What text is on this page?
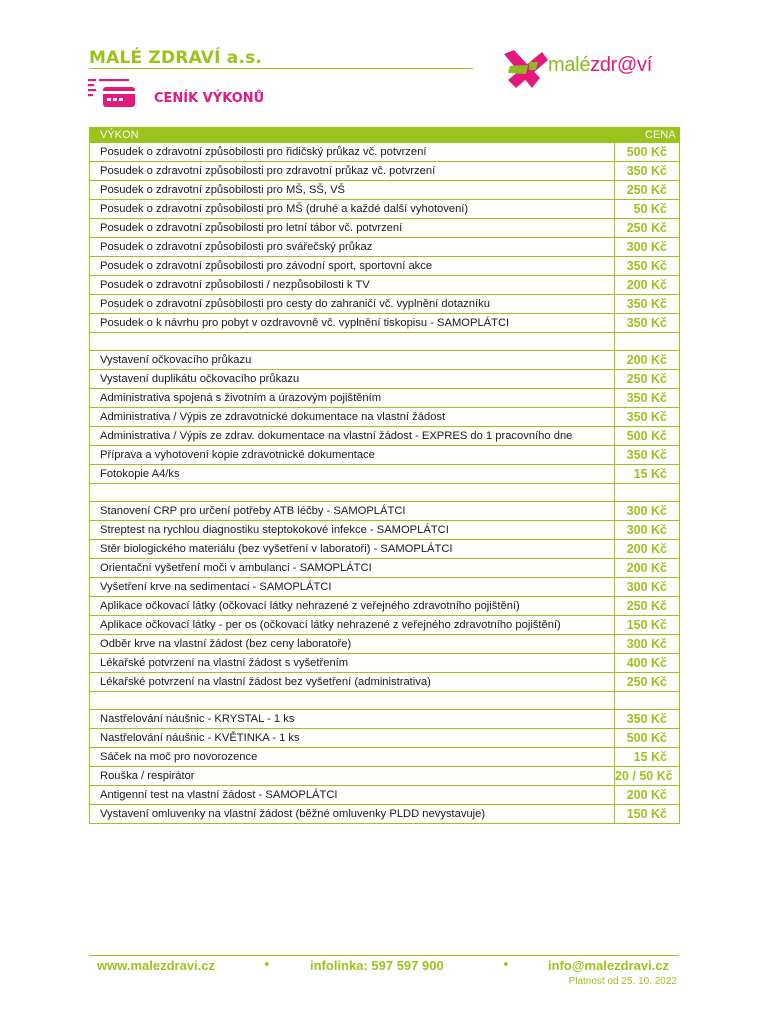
MALÉ ZDRAVÍ a.s.	malézdr@ví
CENÍK VÝKONŮ
VÝKON	CENA
Posudek o zdravotní způsobilosti pro řidičský průkaz vč. potvrzení	500 Kč
Posudek o zdravotní způsobilosti pro zdravotní průkaz vč. potvrzení	350 Kč
Posudek o zdravotní způsobilosti pro MŠ, SŠ, VŠ	250 Kč
Posudek o zdravotní způsobilosti pro MŠ (druhé a každé další vyhotovení)	50 Kč
Posudek o zdravotní způsobilosti pro letní tábor vč. potvrzení	250 Kč
Posudek o zdravotní způsobilosti pro svářečský průkaz	300 Kč
Posudek o zdravotní způsobilosti pro závodní sport, sportovní akce	350 Kč
Posudek o zdravotní způsobilosti / nezpůsobilosti k TV	200 Kč
Posudek o zdravotní způsobilosti pro cesty do zahraničí vč. vyplnění dotazníku	350 Kč
Posudek o k návrhu pro pobyt v ozdravovně vč. vyplnění tiskopisu - SAMOPLÁTCI	350 Kč

Vystavení očkovacího průkazu	200 Kč
Vystavení duplikátu očkovacího průkazu	250 Kč
Administrativa spojená s životním a úrazovým pojištěním	350 Kč
Administrativa / Výpis ze zdravotnické dokumentace na vlastní žádost	350 Kč
Administrativa / Výpis ze zdrav. dokumentace na vlastní žádost - EXPRES do 1 pracovního dne	500 Kč
Příprava a vyhotovení kopie zdravotnické dokumentace	350 Kč
Fotokopie A4/ks	15 Kč

Stanovení CRP pro určení potřeby ATB léčby - SAMOPLÁTCI	300 Kč
Streptest na rychlou diagnostiku steptokokové infekce - SAMOPLÁTCI	300 Kč
Stěr biologického materiálu (bez vyšetření v laboratoři) - SAMOPLÁTCI	200 Kč
Orientační vyšetření moči v ambulanci - SAMOPLÁTCI	200 Kč
Vyšetření krve na sedimentaci - SAMOPLÁTCI	300 Kč
Aplikace očkovací látky (očkovací látky nehrazené z veřejného zdravotního pojištění)	250 Kč
Aplikace očkovací látky - per os (očkovací látky nehrazené z veřejného zdravotního pojištění)	150 Kč
Odběr krve na vlastní žádost (bez ceny laboratoře)	300 Kč
Lékařské potvrzení na vlastní žádost s vyšetřením	400 Kč
Lékařské potvrzení na vlastní žádost bez vyšetření (administrativa)	250 Kč

Nastřelování náušnic - KRYSTAL - 1 ks	350 Kč
Nastřelování náušnic - KVĚTINKA - 1 ks	500 Kč
Sáček na moč pro novorozence	15 Kč
Rouška / respirátor	20 / 50 Kč
Antigenní test na vlastní žádost - SAMOPLÁTCI	200 Kč
Vystavení omluvenky na vlastní žádost (běžné omluvenky PLDD nevystavuje)	150 Kč
www.malezdravi.cz	•	infolinka: 597 597 900	•	info@malezdravi.cz
Platnost od 25. 10. 2022
